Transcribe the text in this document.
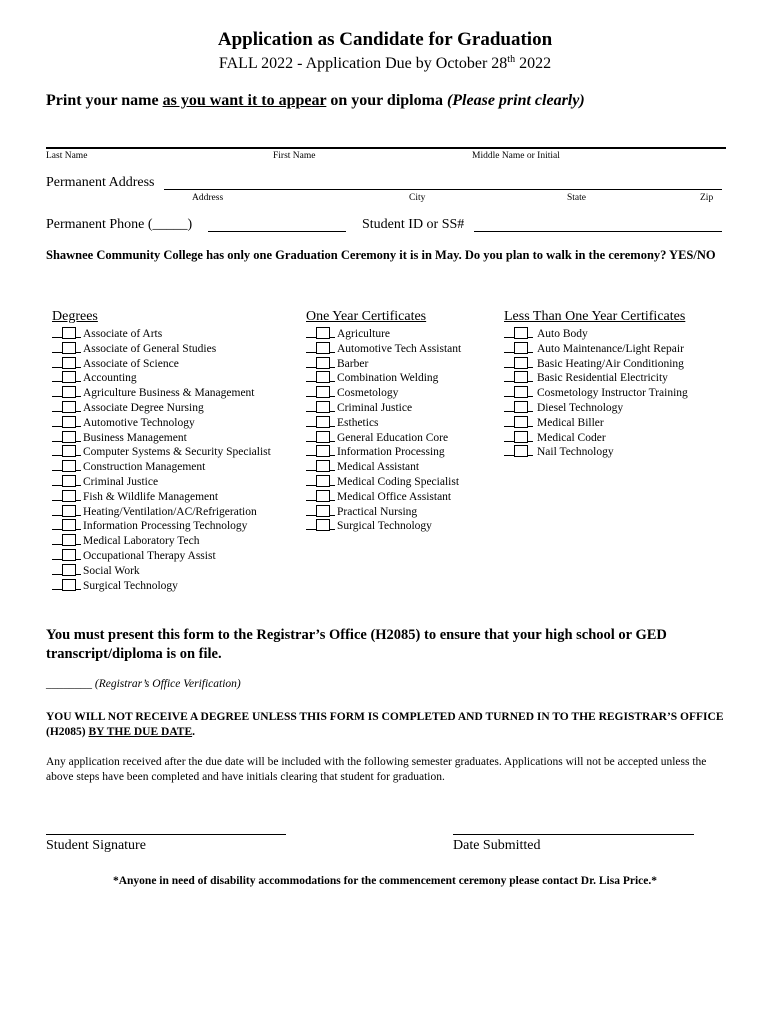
Application as Candidate for Graduation
FALL 2022 - Application Due by October 28th 2022
Print your name as you want it to appear on your diploma (Please print clearly)
Last Name	First Name	Middle Name or Initial
Permanent Address
Address	City	State	Zip
Permanent Phone (_____)	Student ID or SS#
Shawnee Community College has only one Graduation Ceremony it is in May. Do you plan to walk in the ceremony? YES/NO
Degrees
Associate of Arts
Associate of General Studies
Associate of Science
Accounting
Agriculture Business & Management
Associate Degree Nursing
Automotive Technology
Business Management
Computer Systems & Security Specialist
Construction Management
Criminal Justice
Fish & Wildlife Management
Heating/Ventilation/AC/Refrigeration
Information Processing Technology
Medical Laboratory Tech
Occupational Therapy Assist
Social Work
Surgical Technology
One Year Certificates
Agriculture
Automotive Tech Assistant
Barber
Combination Welding
Cosmetology
Criminal Justice
Esthetics
General Education Core
Information Processing
Medical Assistant
Medical Coding Specialist
Medical Office Assistant
Practical Nursing
Surgical Technology
Less Than One Year Certificates
Auto Body
Auto Maintenance/Light Repair
Basic Heating/Air Conditioning
Basic Residential Electricity
Cosmetology Instructor Training
Diesel Technology
Medical Biller
Medical Coder
Nail Technology
You must present this form to the Registrar’s Office (H2085) to ensure that your high school or GED transcript/diploma is on file.
________ (Registrar’s Office Verification)
YOU WILL NOT RECEIVE A DEGREE UNLESS THIS FORM IS COMPLETED AND TURNED IN TO THE REGISTRAR’S OFFICE (H2085) BY THE DUE DATE.
Any application received after the due date will be included with the following semester graduates. Applications will not be accepted unless the above steps have been completed and have initials clearing that student for graduation.
Student Signature	Date Submitted
*Anyone in need of disability accommodations for the commencement ceremony please contact Dr. Lisa Price.*
